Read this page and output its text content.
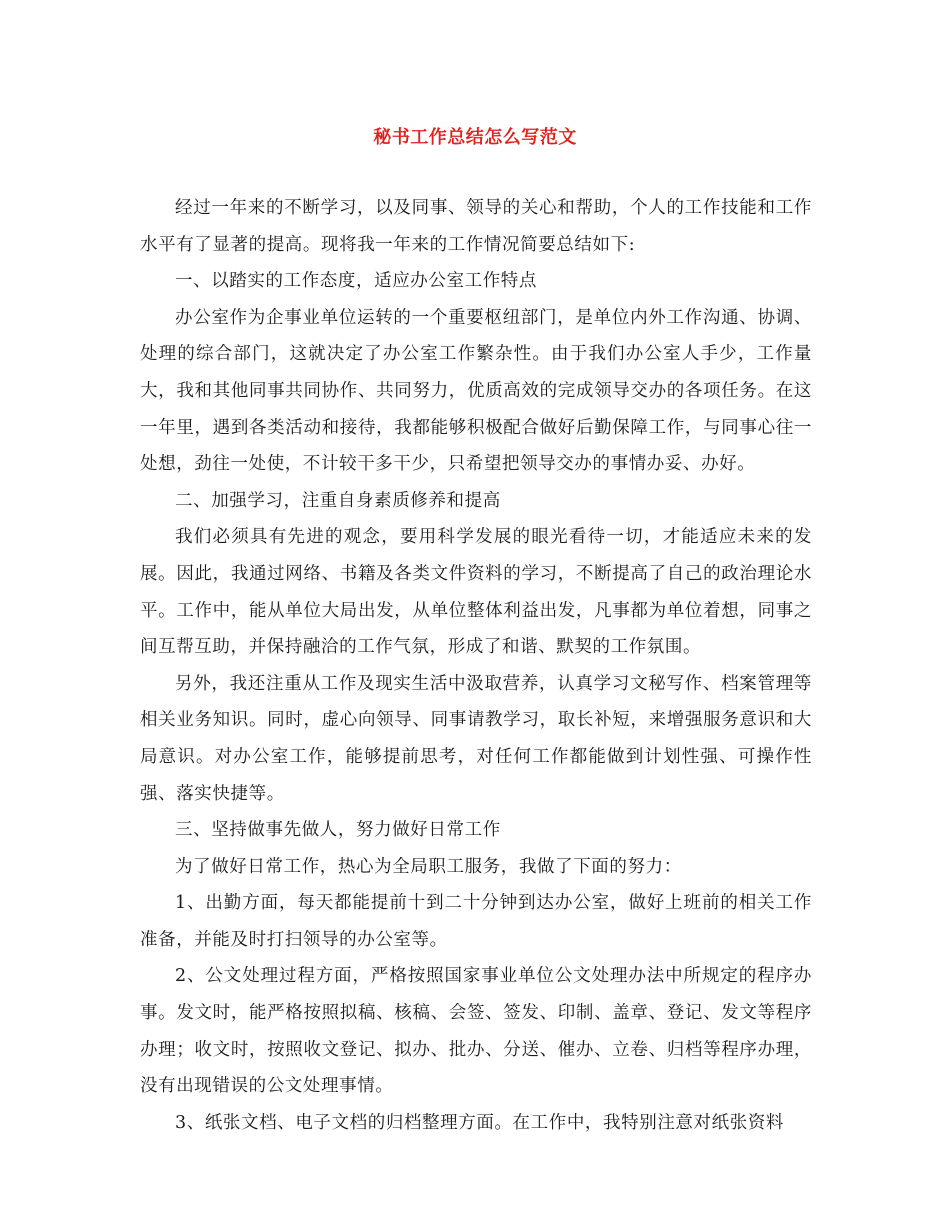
秘书工作总结怎么写范文

经过一年来的不断学习，以及同事、领导的关心和帮助，个人的工作技能和工作水平有了显著的提高。现将我一年来的工作情况简要总结如下:

一、以踏实的工作态度，适应办公室工作特点

办公室作为企事业单位运转的一个重要枢纽部门，是单位内外工作沟通、协调、处理的综合部门，这就决定了办公室工作繁杂性。由于我们办公室人手少，工作量大，我和其他同事共同协作、共同努力，优质高效的完成领导交办的各项任务。在这一年里，遇到各类活动和接待，我都能够积极配合做好后勤保障工作，与同事心往一处想，劲往一处使，不计较干多干少，只希望把领导交办的事情办妥、办好。

二、加强学习，注重自身素质修养和提高

我们必须具有先进的观念，要用科学发展的眼光看待一切，才能适应未来的发展。因此，我通过网络、书籍及各类文件资料的学习，不断提高了自己的政治理论水平。工作中，能从单位大局出发，从单位整体利益出发，凡事都为单位着想，同事之间互帮互助，并保持融洽的工作气氛，形成了和谐、默契的工作氛围。

另外，我还注重从工作及现实生活中汲取营养，认真学习文秘写作、档案管理等相关业务知识。同时，虚心向领导、同事请教学习，取长补短，来增强服务意识和大局意识。对办公室工作，能够提前思考，对任何工作都能做到计划性强、可操作性强、落实快捷等。

三、坚持做事先做人，努力做好日常工作

为了做好日常工作，热心为全局职工服务，我做了下面的努力：

1、出勤方面，每天都能提前十到二十分钟到达办公室，做好上班前的相关工作准备，并能及时打扫领导的办公室等。

2、公文处理过程方面，严格按照国家事业单位公文处理办法中所规定的程序办事。发文时，能严格按照拟稿、核稿、会签、签发、印制、盖章、登记、发文等程序办理；收文时，按照收文登记、拟办、批办、分送、催办、立卷、归档等程序办理，没有出现错误的公文处理事情。

3、纸张文档、电子文档的归档整理方面。在工作中，我特别注意对纸张资料
